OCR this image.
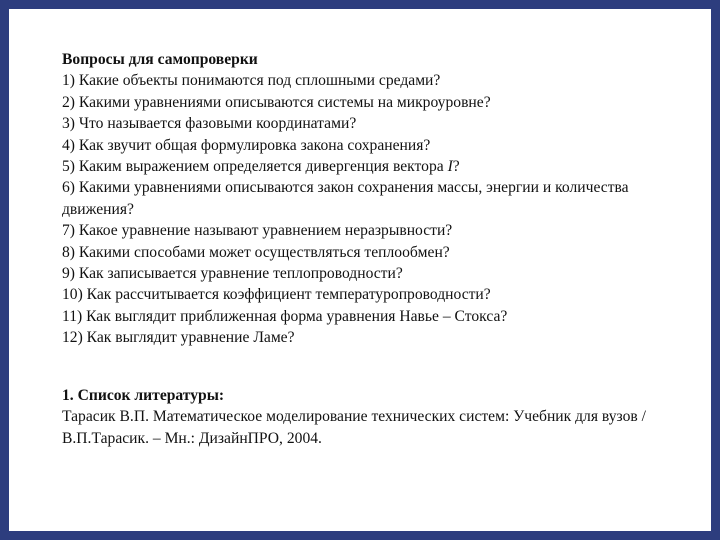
Вопросы для самопроверки

1) Какие объекты понимаются под сплошными средами?

2) Какими уравнениями описываются системы на микроуровне?

3) Что называется фазовыми координатами?

4) Как звучит общая формулировка закона сохранения?

5) Каким выражением определяется дивергенция вектора I?

6) Какими уравнениями описываются закон сохранения массы, энергии и количества движения?

7) Какое уравнение называют уравнением неразрывности?

8) Какими способами может осуществляться теплообмен?

9) Как записывается уравнение теплопроводности?

10) Как рассчитывается коэффициент температуропроводности?

11) Как выглядит приближенная форма уравнения Навье – Стокса?

12) Как выглядит уравнение Ламе?

1. Список литературы:

Тарасик В.П. Математическое моделирование технических систем: Учебник для вузов / В.П.Тарасик. – Мн.: ДизайнПРО, 2004.
